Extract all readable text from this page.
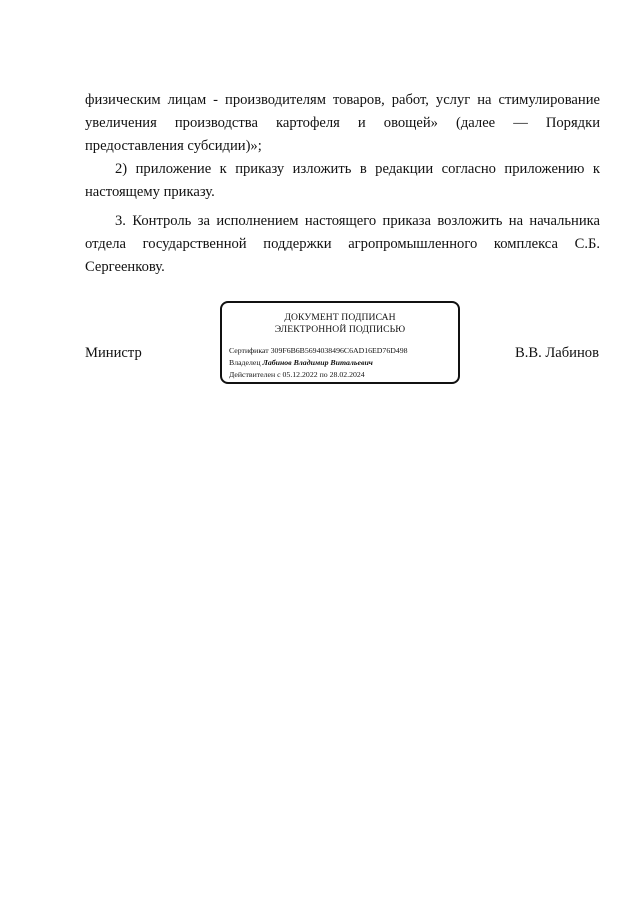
физическим лицам - производителям товаров, работ, услуг на стимулирование увеличения производства картофеля и овощей» (далее — Порядки предоставления субсидии)»;

2) приложение к приказу изложить в редакции согласно приложению к настоящему приказу.

3. Контроль за исполнением настоящего приказа возложить на начальника отдела государственной поддержки агропромышленного комплекса С.Б. Сергеенкову.

Министр
ДОКУМЕНТ ПОДПИСАН
ЭЛЕКТРОННОЙ ПОДПИСЬЮ
Сертификат 309F6B6B5694038496C6AD16ED76D498
Владелец Лабинов Владимир Витальевич
Действителен с 05.12.2022 по 28.02.2024
В.В. Лабинов
